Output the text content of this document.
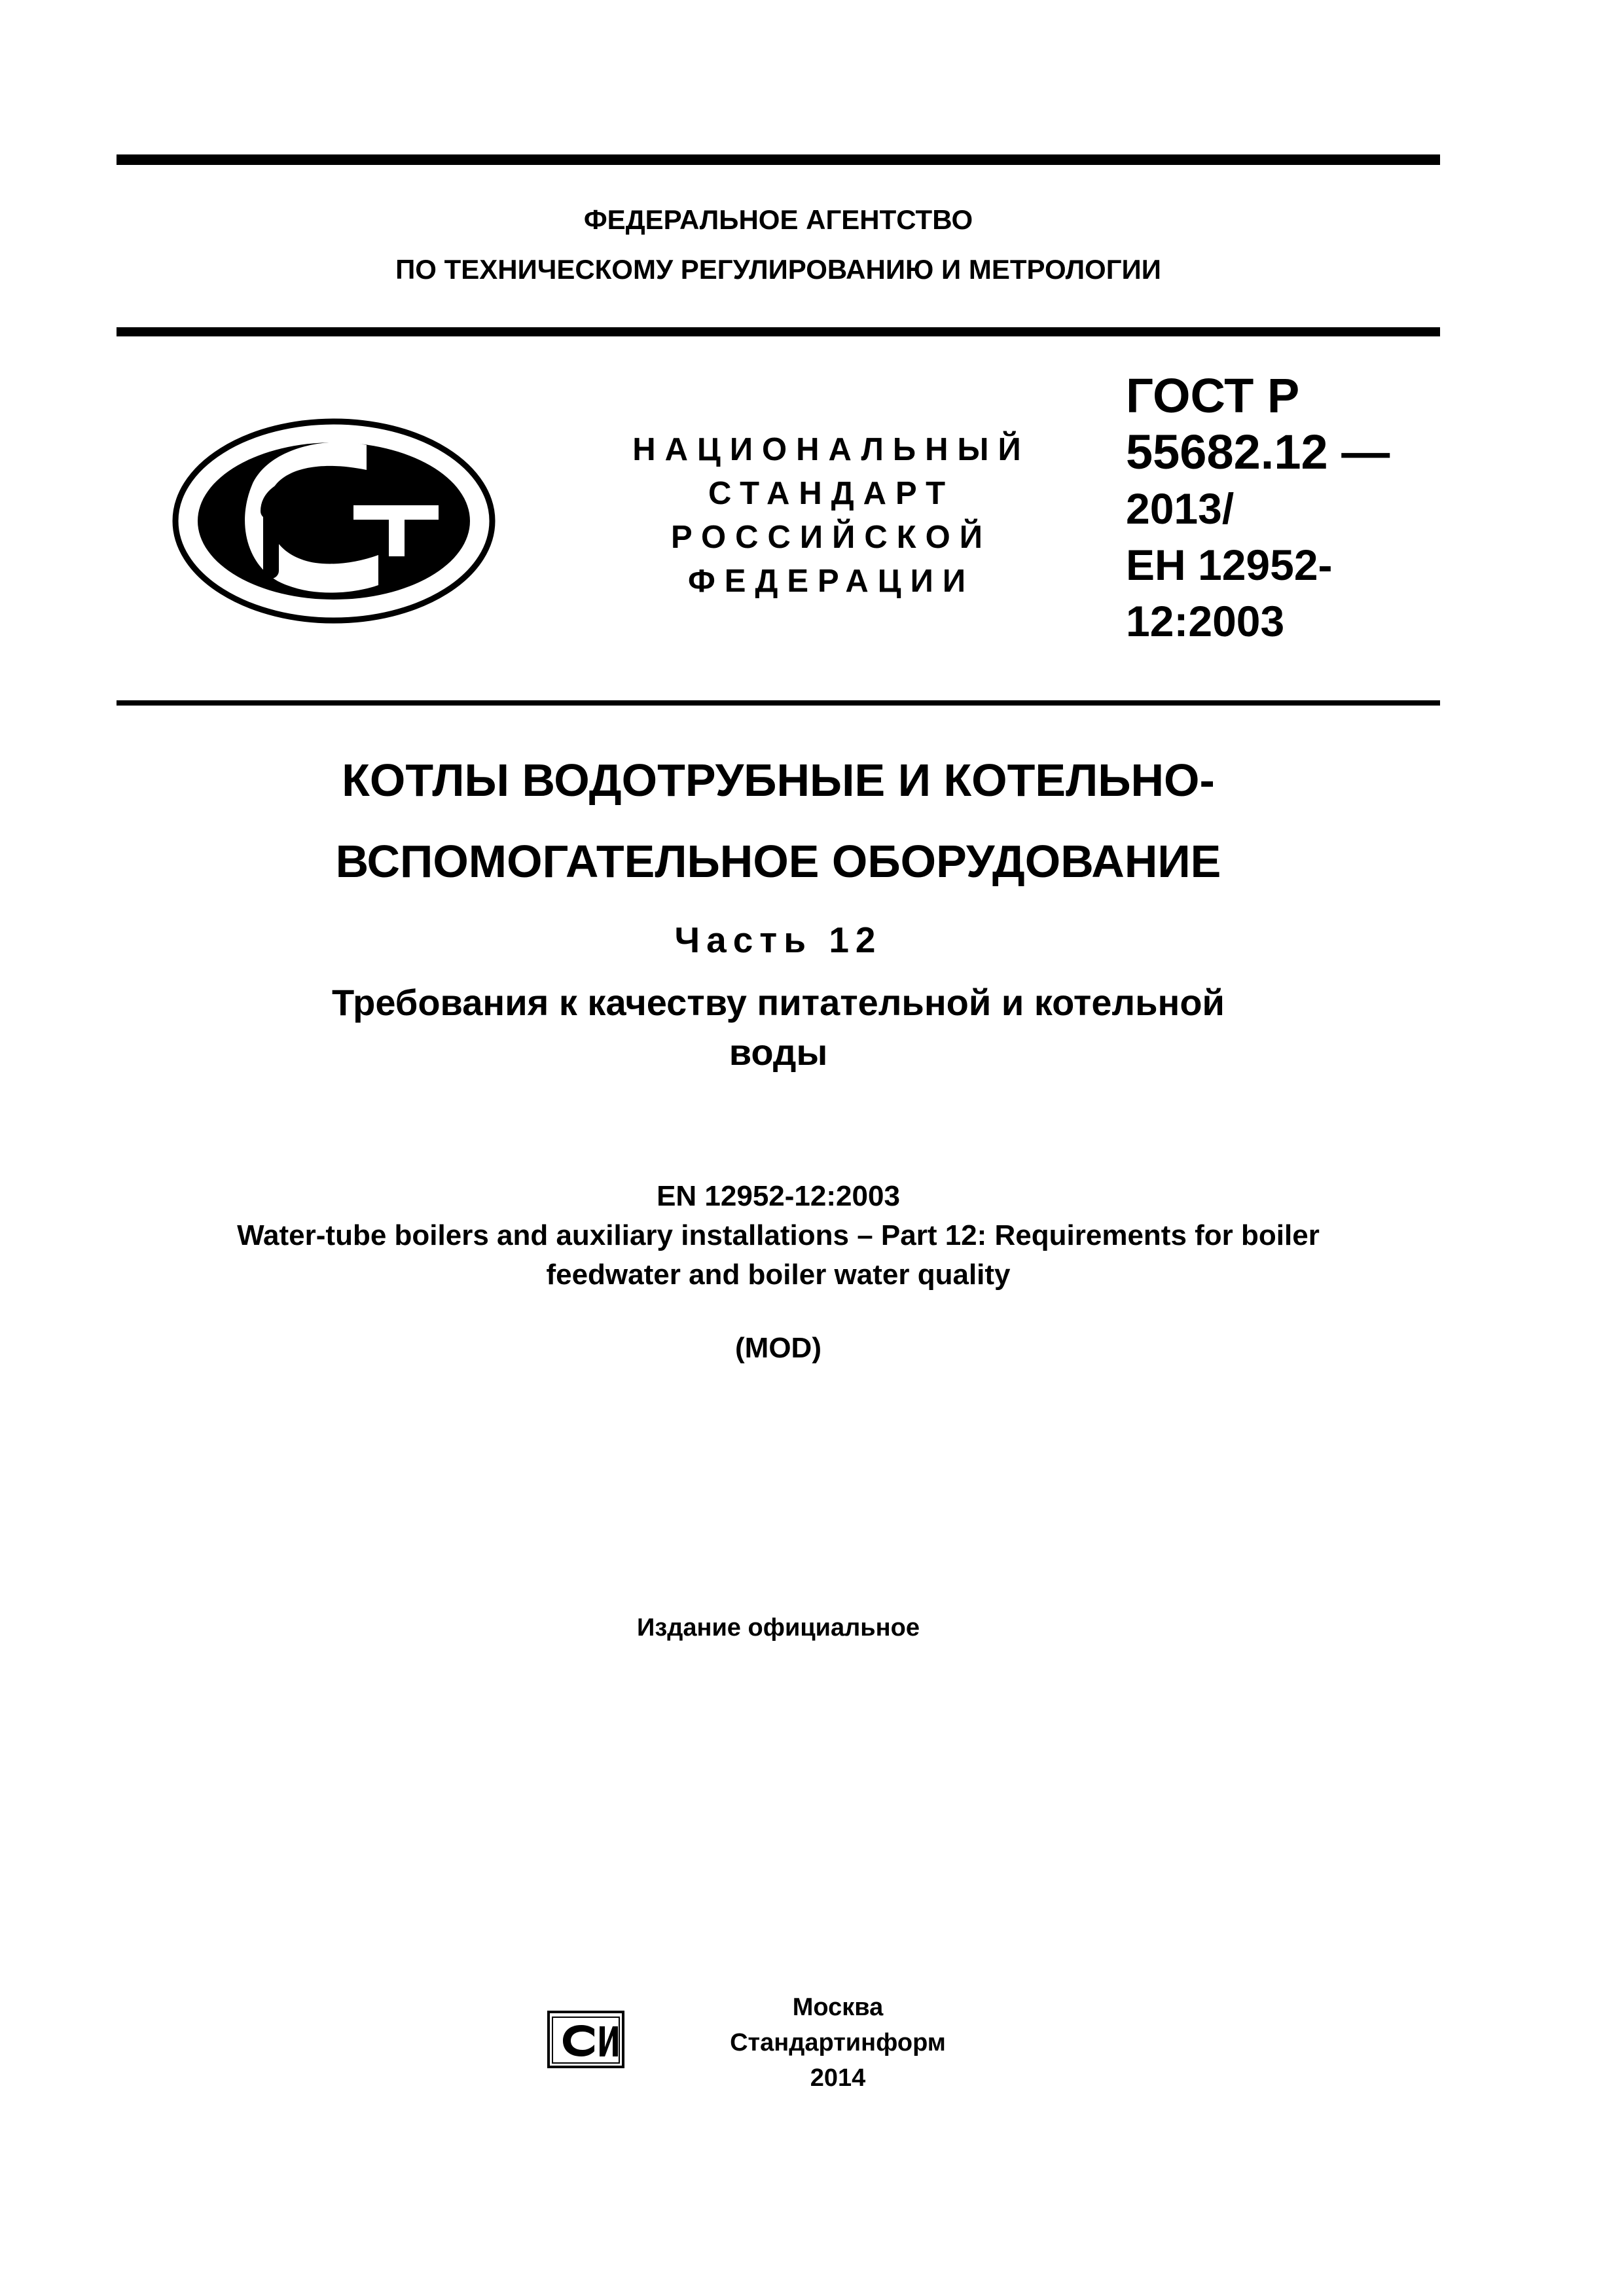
ФЕДЕРАЛЬНОЕ АГЕНТСТВО
ПО ТЕХНИЧЕСКОМУ РЕГУЛИРОВАНИЮ И МЕТРОЛОГИИ
НАЦИОНАЛЬНЫЙ
СТАНДАРТ
РОССИЙСКОЙ
ФЕДЕРАЦИИ
ГОСТ Р
55682.12 —
2013/
ЕН 12952-
12:2003
КОТЛЫ ВОДОТРУБНЫЕ И КОТЕЛЬНО-
ВСПОМОГАТЕЛЬНОЕ ОБОРУДОВАНИЕ
Часть 12
Требования к качеству питательной и котельной
воды
EN 12952-12:2003
Water-tube boilers and auxiliary installations – Part 12: Requirements for boiler
feedwater and boiler water quality
(MOD)
Издание официальное
Москва
Стандартинформ
2014
